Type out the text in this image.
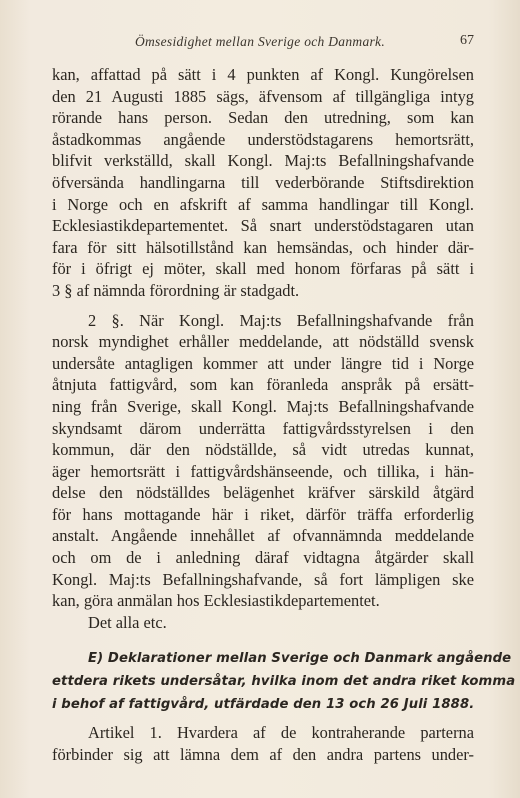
Ömsesidighet mellan Sverige och Danmark.	67
kan, affattad på sätt i 4 punkten af Kongl. Kungörelsen
den 21 Augusti 1885 sägs, äfvensom af tillgängliga intyg
rörande hans person. Sedan den utredning, som kan
åstadkommas angående understödstagarens hemortsrätt,
blifvit verkställd, skall Kongl. Maj:ts Befallningshafvande
öfversända handlingarna till vederbörande Stiftsdirektion
i Norge och en afskrift af samma handlingar till Kongl.
Ecklesiastikdepartementet. Så snart understödstagaren utan
fara för sitt hälsotillstånd kan hemsändas, och hinder där-
för i öfrigt ej möter, skall med honom förfaras på sätt i
3 § af nämnda förordning är stadgadt.
2 §. När Kongl. Maj:ts Befallningshafvande från
norsk myndighet erhåller meddelande, att nödställd svensk
undersåte antagligen kommer att under längre tid i Norge
åtnjuta fattigvård, som kan föranleda anspråk på ersätt-
ning från Sverige, skall Kongl. Maj:ts Befallningshafvande
skyndsamt därom underrätta fattigvårdsstyrelsen i den
kommun, där den nödställde, så vidt utredas kunnat,
äger hemortsrätt i fattigvårdshänseende, och tillika, i hän-
delse den nödställdes belägenhet kräfver särskild åtgärd
för hans mottagande här i riket, därför träffa erforderlig
anstalt. Angående innehållet af ofvannämnda meddelande
och om de i anledning däraf vidtagna åtgärder skall
Kongl. Maj:ts Befallningshafvande, så fort lämpligen ske
kan, göra anmälan hos Ecklesiastikdepartementet.
Det alla etc.
E) Deklarationer mellan Sverige och Danmark angående
ettdera rikets undersåtar, hvilka inom det andra riket komma
i behof af fattigvård, utfärdade den 13 och 26 Juli 1888.
Artikel 1. Hvardera af de kontraherande parterna
förbinder sig att lämna dem af den andra partens under-
